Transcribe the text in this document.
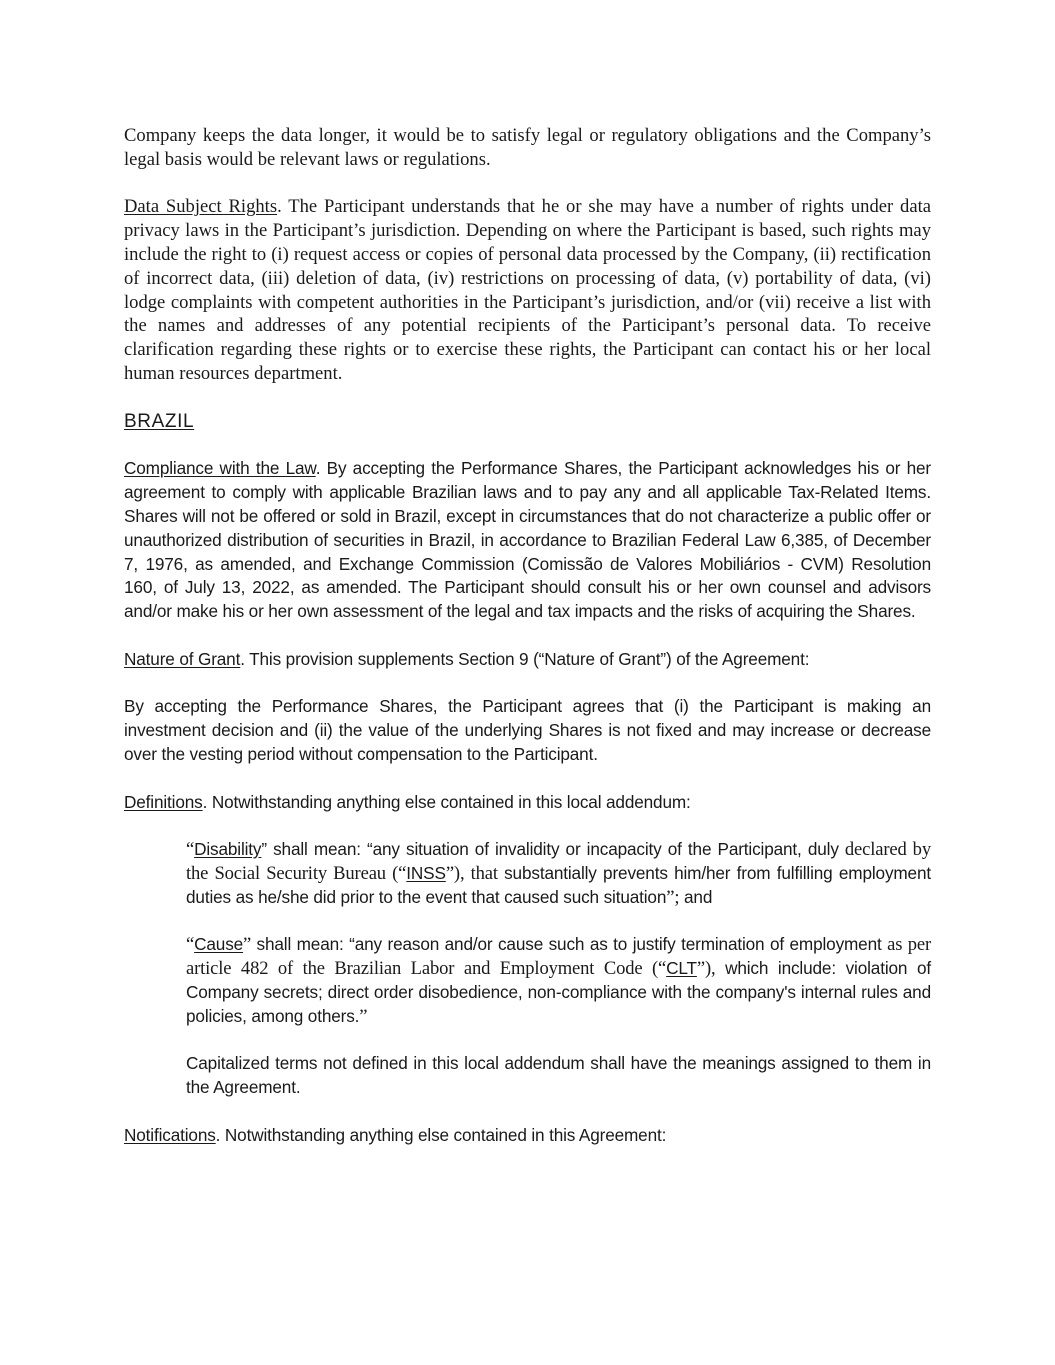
Company keeps the data longer, it would be to satisfy legal or regulatory obligations and the Company’s legal basis would be relevant laws or regulations.

Data Subject Rights. The Participant understands that he or she may have a number of rights under data privacy laws in the Participant’s jurisdiction. Depending on where the Participant is based, such rights may include the right to (i) request access or copies of personal data processed by the Company, (ii) rectification of incorrect data, (iii) deletion of data, (iv) restrictions on processing of data, (v) portability of data, (vi) lodge complaints with competent authorities in the Participant’s jurisdiction, and/or (vii) receive a list with the names and addresses of any potential recipients of the Participant’s personal data. To receive clarification regarding these rights or to exercise these rights, the Participant can contact his or her local human resources department.

BRAZIL

Compliance with the Law. By accepting the Performance Shares, the Participant acknowledges his or her agreement to comply with applicable Brazilian laws and to pay any and all applicable Tax-Related Items. Shares will not be offered or sold in Brazil, except in circumstances that do not characterize a public offer or unauthorized distribution of securities in Brazil, in accordance to Brazilian Federal Law 6,385, of December 7, 1976, as amended, and Exchange Commission (Comissão de Valores Mobiliários - CVM) Resolution 160, of July 13, 2022, as amended. The Participant should consult his or her own counsel and advisors and/or make his or her own assessment of the legal and tax impacts and the risks of acquiring the Shares.

Nature of Grant. This provision supplements Section 9 (“Nature of Grant”) of the Agreement:

By accepting the Performance Shares, the Participant agrees that (i) the Participant is making an investment decision and (ii) the value of the underlying Shares is not fixed and may increase or decrease over the vesting period without compensation to the Participant.

Definitions. Notwithstanding anything else contained in this local addendum:

“Disability” shall mean: “any situation of invalidity or incapacity of the Participant, duly declared by the Social Security Bureau (“INSS”), that substantially prevents him/her from fulfilling employment duties as he/she did prior to the event that caused such situation”; and

“Cause” shall mean: “any reason and/or cause such as to justify termination of employment as per article 482 of the Brazilian Labor and Employment Code (“CLT”), which include: violation of Company secrets; direct order disobedience, non-compliance with the company's internal rules and policies, among others.”

Capitalized terms not defined in this local addendum shall have the meanings assigned to them in the Agreement.

Notifications. Notwithstanding anything else contained in this Agreement:
